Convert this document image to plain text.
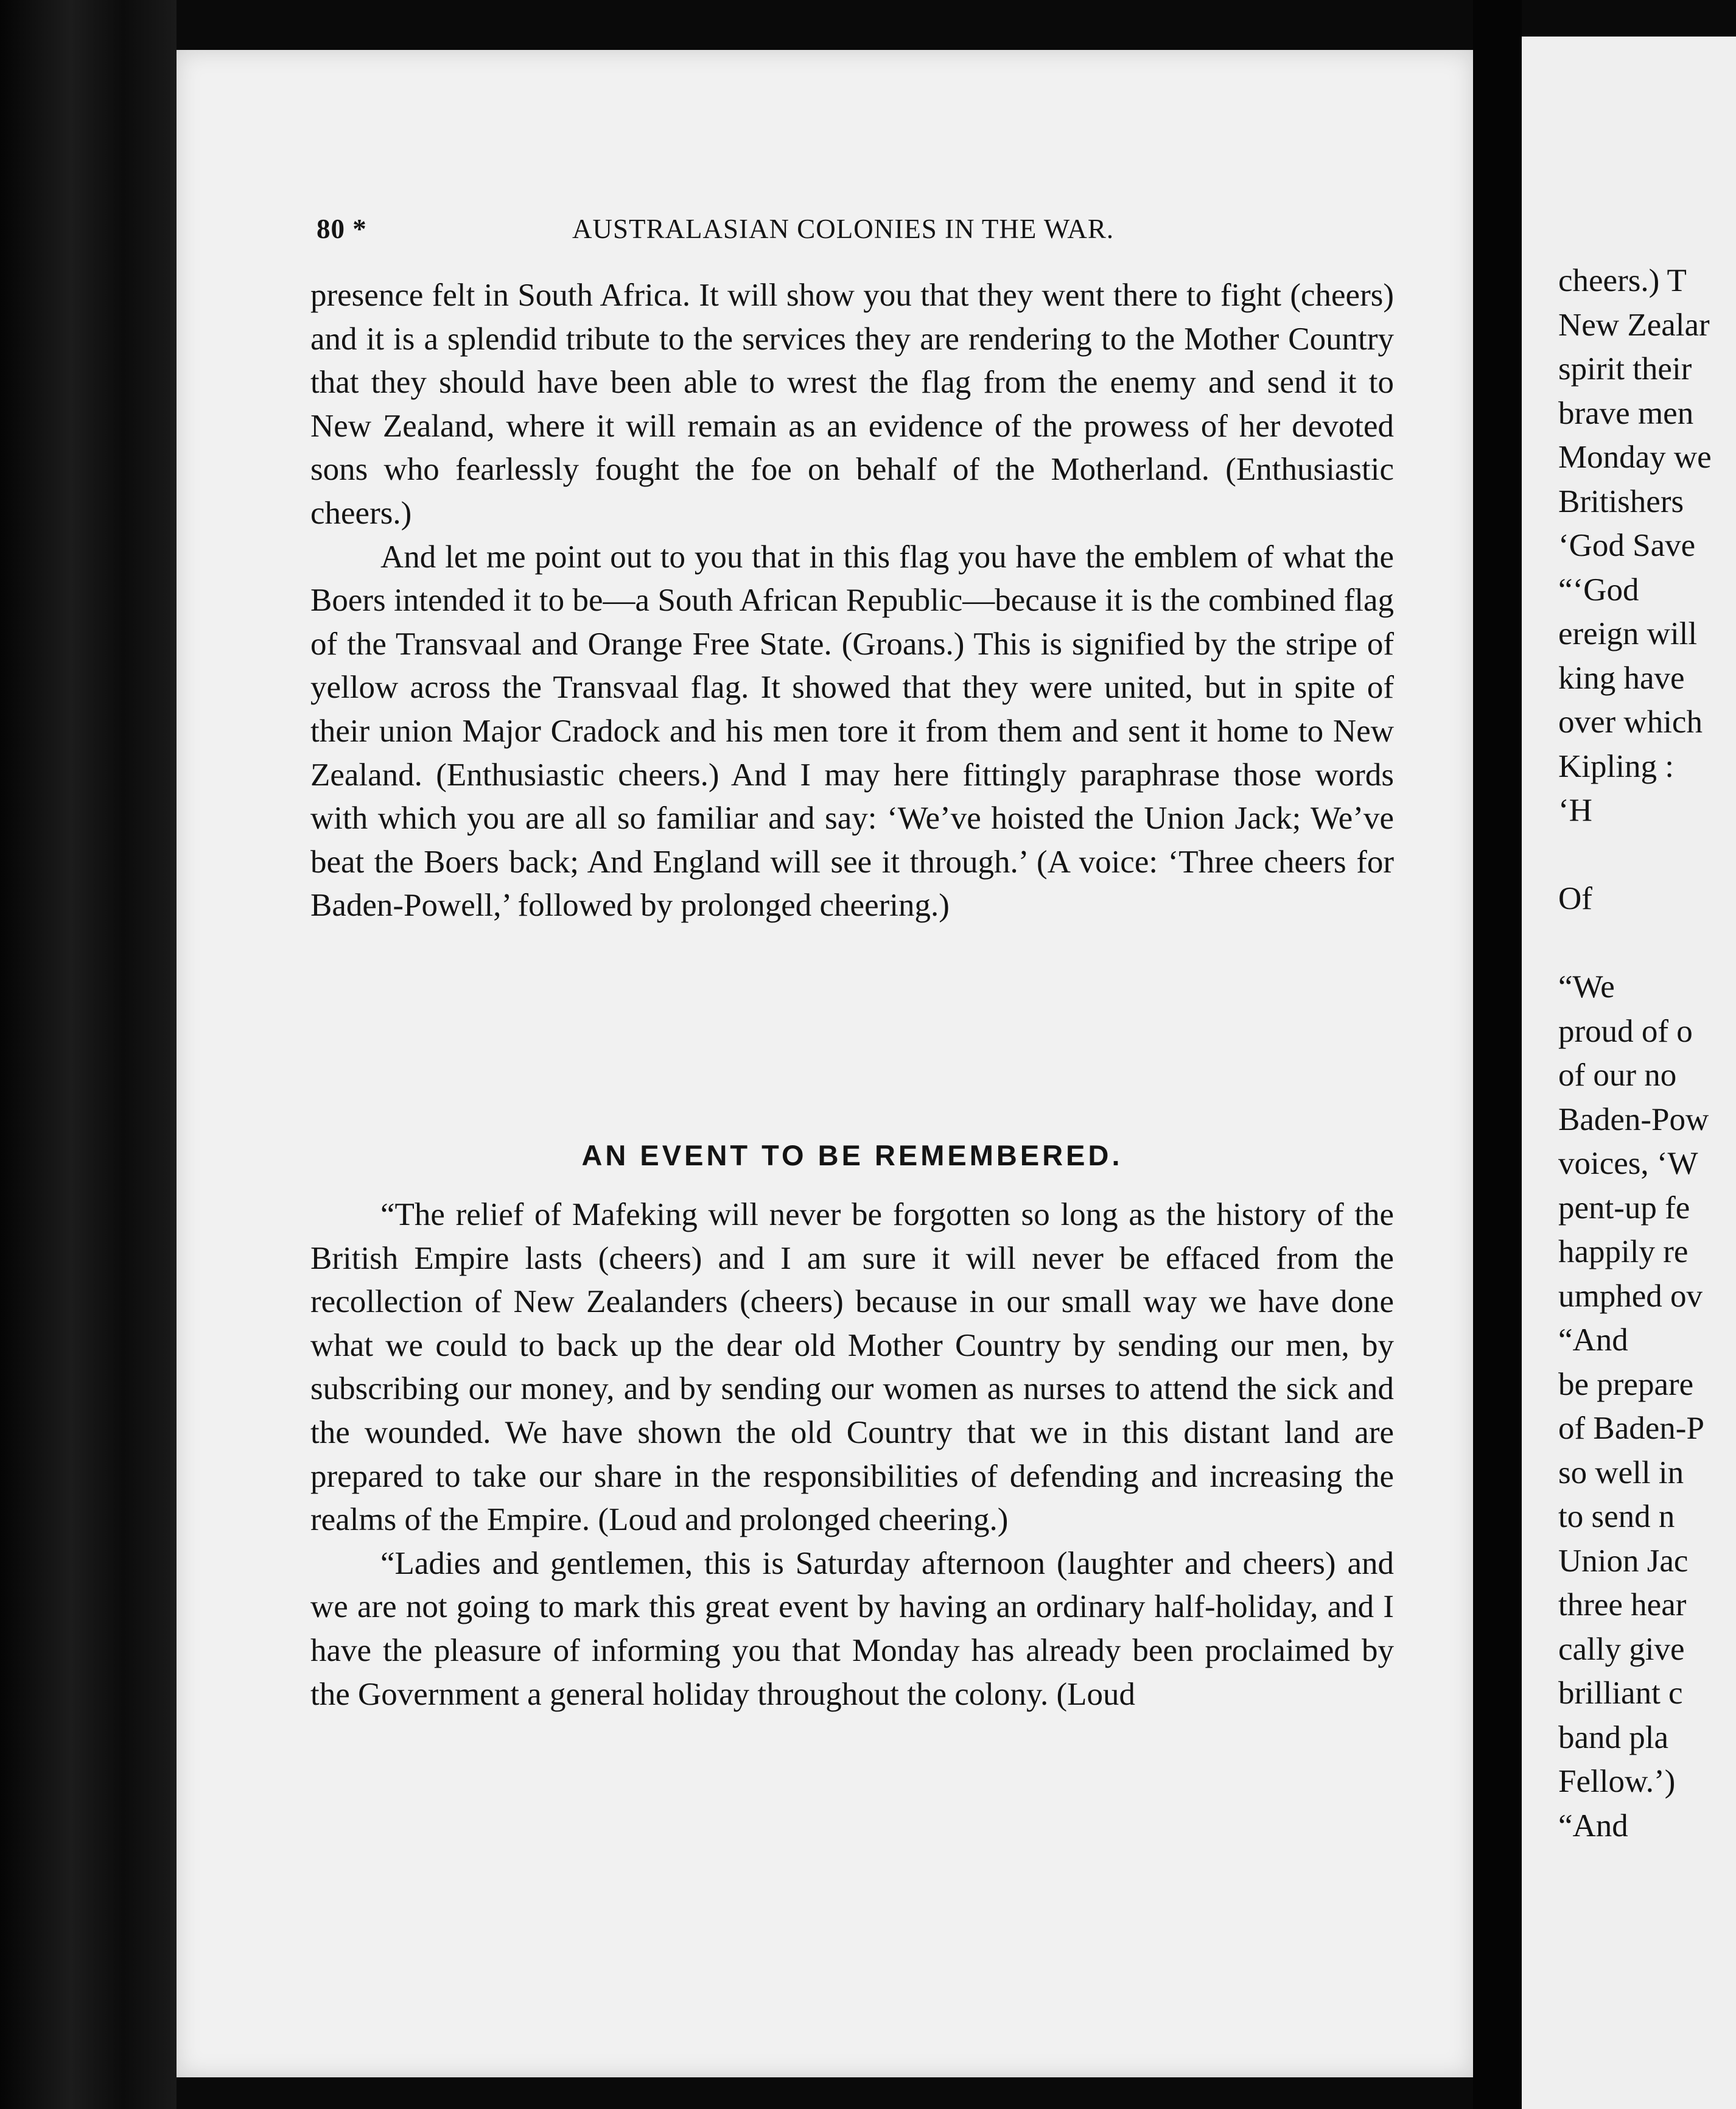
80 *	AUSTRALASIAN COLONIES IN THE WAR.

presence felt in South Africa. It will show you that they went there to fight (cheers) and it is a splendid tribute to the services they are rendering to the Mother Country that they should have been able to wrest the flag from the enemy and send it to New Zealand, where it will remain as an evidence of the prowess of her devoted sons who fearlessly fought the foe on behalf of the Motherland. (Enthusiastic cheers.)

And let me point out to you that in this flag you have the emblem of what the Boers intended it to be—a South African Republic—because it is the combined flag of the Transvaal and Orange Free State. (Groans.) This is signified by the stripe of yellow across the Transvaal flag. It showed that they were united, but in spite of their union Major Cradock and his men tore it from them and sent it home to New Zealand. (Enthusiastic cheers.) And I may here fittingly paraphrase those words with which you are all so familiar and say: ‘We’ve hoisted the Union Jack; We’ve beat the Boers back; And England will see it through.’ (A voice: ‘Three cheers for Baden-Powell,’ followed by prolonged cheering.)

AN EVENT TO BE REMEMBERED.

“The relief of Mafeking will never be forgotten so long as the history of the British Empire lasts (cheers) and I am sure it will never be effaced from the recollection of New Zealanders (cheers) because in our small way we have done what we could to back up the dear old Mother Country by sending our men, by subscribing our money, and by sending our women as nurses to attend the sick and the wounded. We have shown the old Country that we in this distant land are prepared to take our share in the responsibilities of defending and increasing the realms of the Empire. (Loud and prolonged cheering.)

“Ladies and gentlemen, this is Saturday afternoon (laughter and cheers) and we are not going to mark this great event by having an ordinary half-holiday, and I have the pleasure of informing you that Monday has already been proclaimed by the Government a general holiday throughout the colony. (Loud

cheers.) T
New Zealar
spirit their
brave men
Monday we
Britishers
‘God Save
“‘God
ereign will
king have
over which
Kipling :
‘H
Of
“We
proud of o
of our no
Baden-Pow
voices, ‘W
pent-up fe
happily re
umphed ov
“And
be prepare
of Baden-P
so well in
to send n
Union Jac
three hear
cally give
brilliant c
band pla
Fellow.’)
“And
